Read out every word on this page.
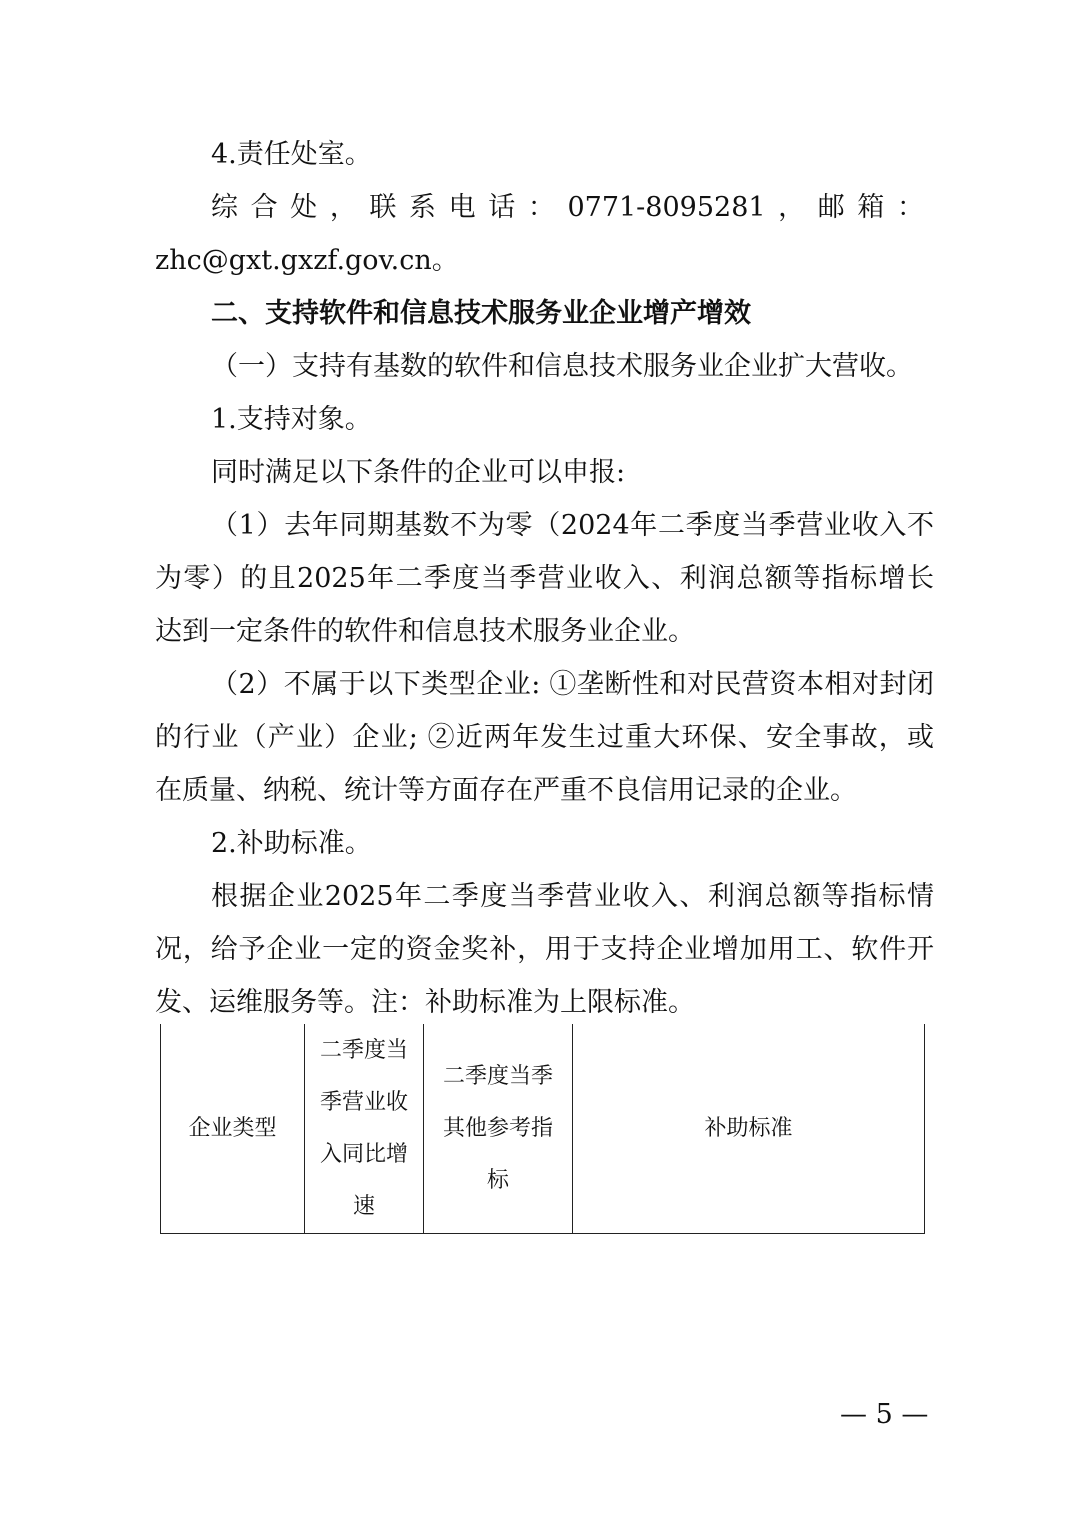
4.责任处室。
综合处，联系电话：0771-8095281，邮箱：
zhc@gxt.gxzf.gov.cn。
二、支持软件和信息技术服务业企业增产增效
（一）支持有基数的软件和信息技术服务业企业扩大营收。
1.支持对象。
同时满足以下条件的企业可以申报:
（1）去年同期基数不为零（2024年二季度当季营业收入不
为零）的且2025年二季度当季营业收入、利润总额等指标增长
达到一定条件的软件和信息技术服务业企业。
（2）不属于以下类型企业: ①垄断性和对民营资本相对封闭
的行业（产业）企业; ②近两年发生过重大环保、安全事故，或
在质量、纳税、统计等方面存在严重不良信用记录的企业。
2.补助标准。
根据企业2025年二季度当季营业收入、利润总额等指标情
况，给予企业一定的资金奖补，用于支持企业增加用工、软件开
发、运维服务等。注：补助标准为上限标准。
企业类型	二季度当季营业收入同比增速	二季度当季其他参考指标	补助标准
— 5 —
